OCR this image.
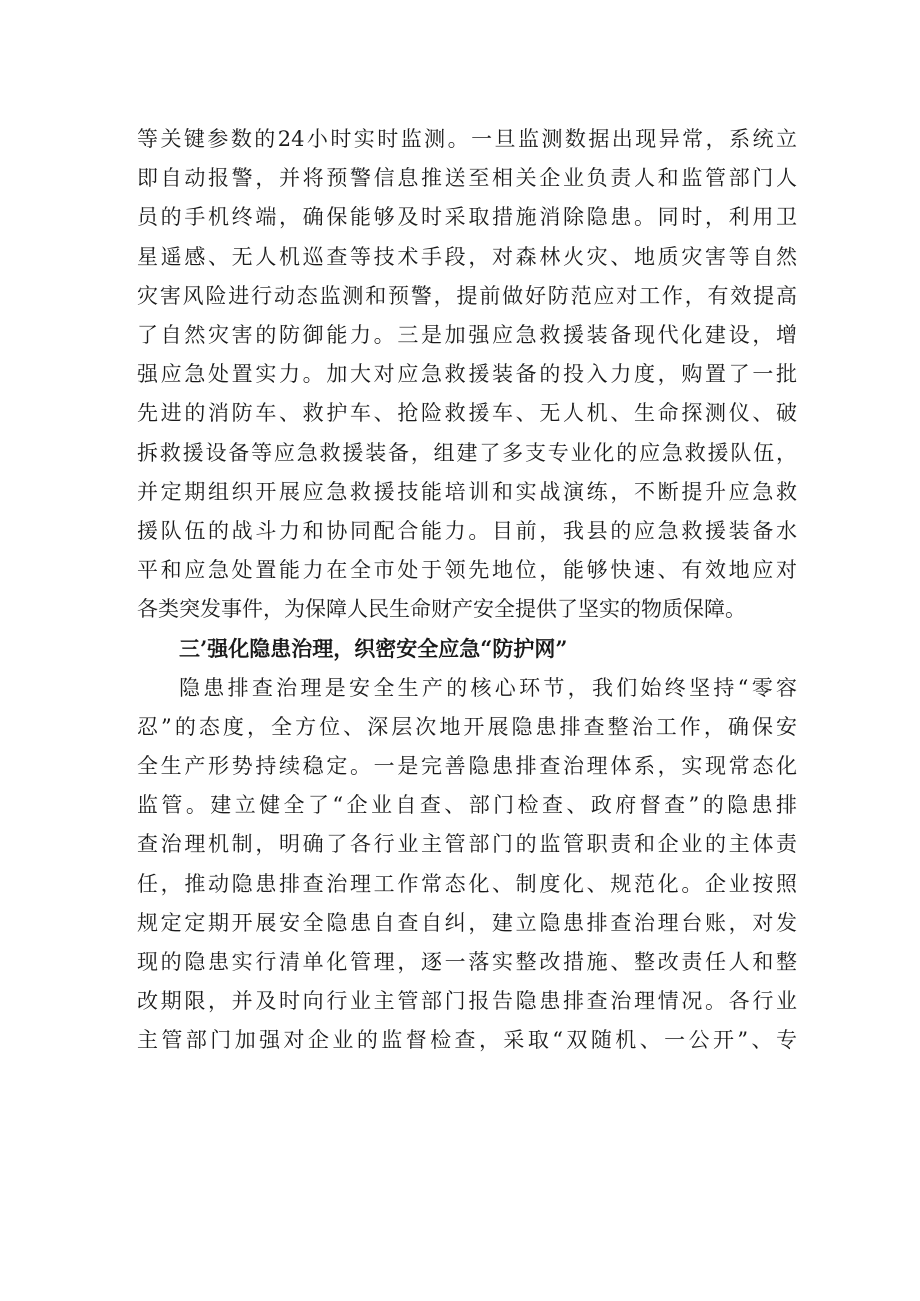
等关键参数的24小时实时监测。一旦监测数据出现异常，系统立
即自动报警，并将预警信息推送至相关企业负责人和监管部门人
员的手机终端，确保能够及时采取措施消除隐患。同时，利用卫
星遥感、无人机巡查等技术手段，对森林火灾、地质灾害等自然
灾害风险进行动态监测和预警，提前做好防范应对工作，有效提高
了自然灾害的防御能力。三是加强应急救援装备现代化建设，增
强应急处置实力。加大对应急救援装备的投入力度，购置了一批
先进的消防车、救护车、抢险救援车、无人机、生命探测仪、破
拆救援设备等应急救援装备，组建了多支专业化的应急救援队伍，
并定期组织开展应急救援技能培训和实战演练，不断提升应急救
援队伍的战斗力和协同配合能力。目前，我县的应急救援装备水
平和应急处置能力在全市处于领先地位，能够快速、有效地应对
各类突发事件，为保障人民生命财产安全提供了坚实的物质保障。
三’强化隐患治理，织密安全应急“防护网”
隐患排查治理是安全生产的核心环节，我们始终坚持“零容
忍”的态度，全方位、深层次地开展隐患排查整治工作，确保安
全生产形势持续稳定。一是完善隐患排查治理体系，实现常态化
监管。建立健全了“企业自查、部门检查、政府督查”的隐患排
查治理机制，明确了各行业主管部门的监管职责和企业的主体责
任，推动隐患排查治理工作常态化、制度化、规范化。企业按照
规定定期开展安全隐患自查自纠，建立隐患排查治理台账，对发
现的隐患实行清单化管理，逐一落实整改措施、整改责任人和整
改期限，并及时向行业主管部门报告隐患排查治理情况。各行业
主管部门加强对企业的监督检查，采取“双随机、一公开”、专
